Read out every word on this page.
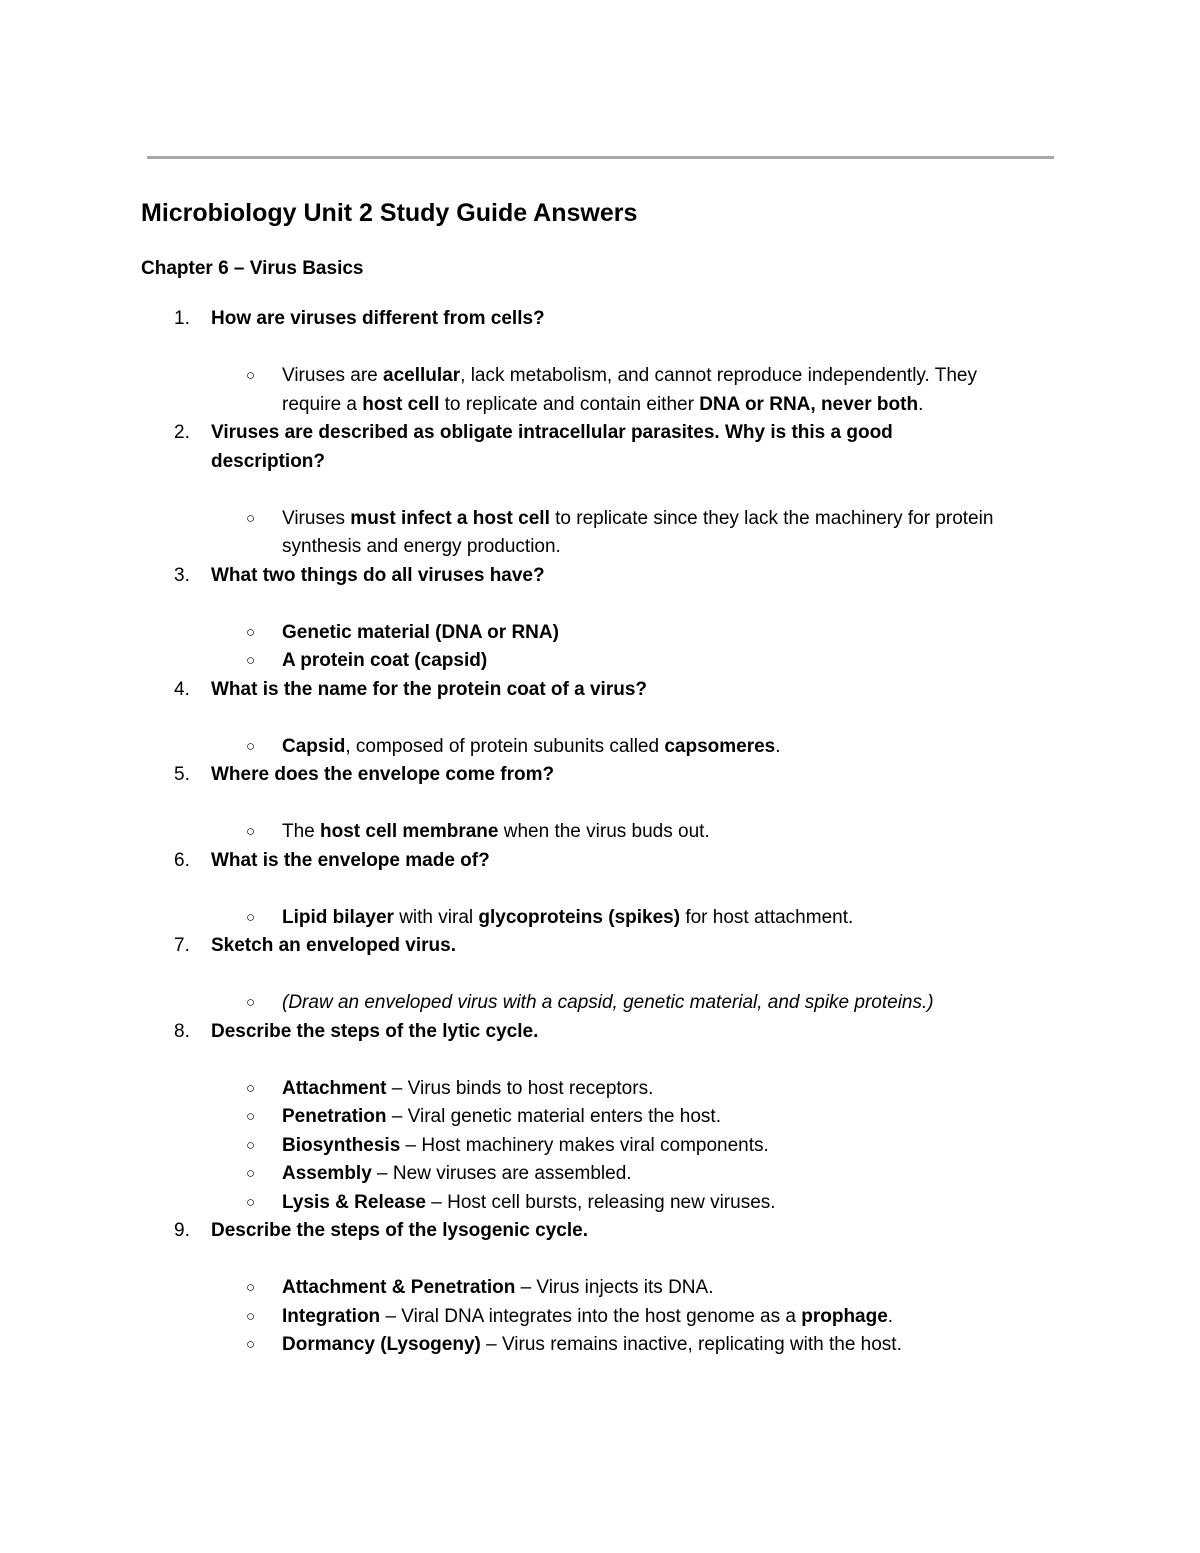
Microbiology Unit 2 Study Guide Answers
Chapter 6 – Virus Basics
1.	How are viruses different from cells?
○ Viruses are acellular, lack metabolism, and cannot reproduce independently. They require a host cell to replicate and contain either DNA or RNA, never both.
2.	Viruses are described as obligate intracellular parasites. Why is this a good description?
○ Viruses must infect a host cell to replicate since they lack the machinery for protein synthesis and energy production.
3.	What two things do all viruses have?
○ Genetic material (DNA or RNA)
○ A protein coat (capsid)
4.	What is the name for the protein coat of a virus?
○ Capsid, composed of protein subunits called capsomeres.
5.	Where does the envelope come from?
○ The host cell membrane when the virus buds out.
6.	What is the envelope made of?
○ Lipid bilayer with viral glycoproteins (spikes) for host attachment.
7.	Sketch an enveloped virus.
○ (Draw an enveloped virus with a capsid, genetic material, and spike proteins.)
8.	Describe the steps of the lytic cycle.
○ Attachment – Virus binds to host receptors.
○ Penetration – Viral genetic material enters the host.
○ Biosynthesis – Host machinery makes viral components.
○ Assembly – New viruses are assembled.
○ Lysis & Release – Host cell bursts, releasing new viruses.
9.	Describe the steps of the lysogenic cycle.
○ Attachment & Penetration – Virus injects its DNA.
○ Integration – Viral DNA integrates into the host genome as a prophage.
○ Dormancy (Lysogeny) – Virus remains inactive, replicating with the host.
